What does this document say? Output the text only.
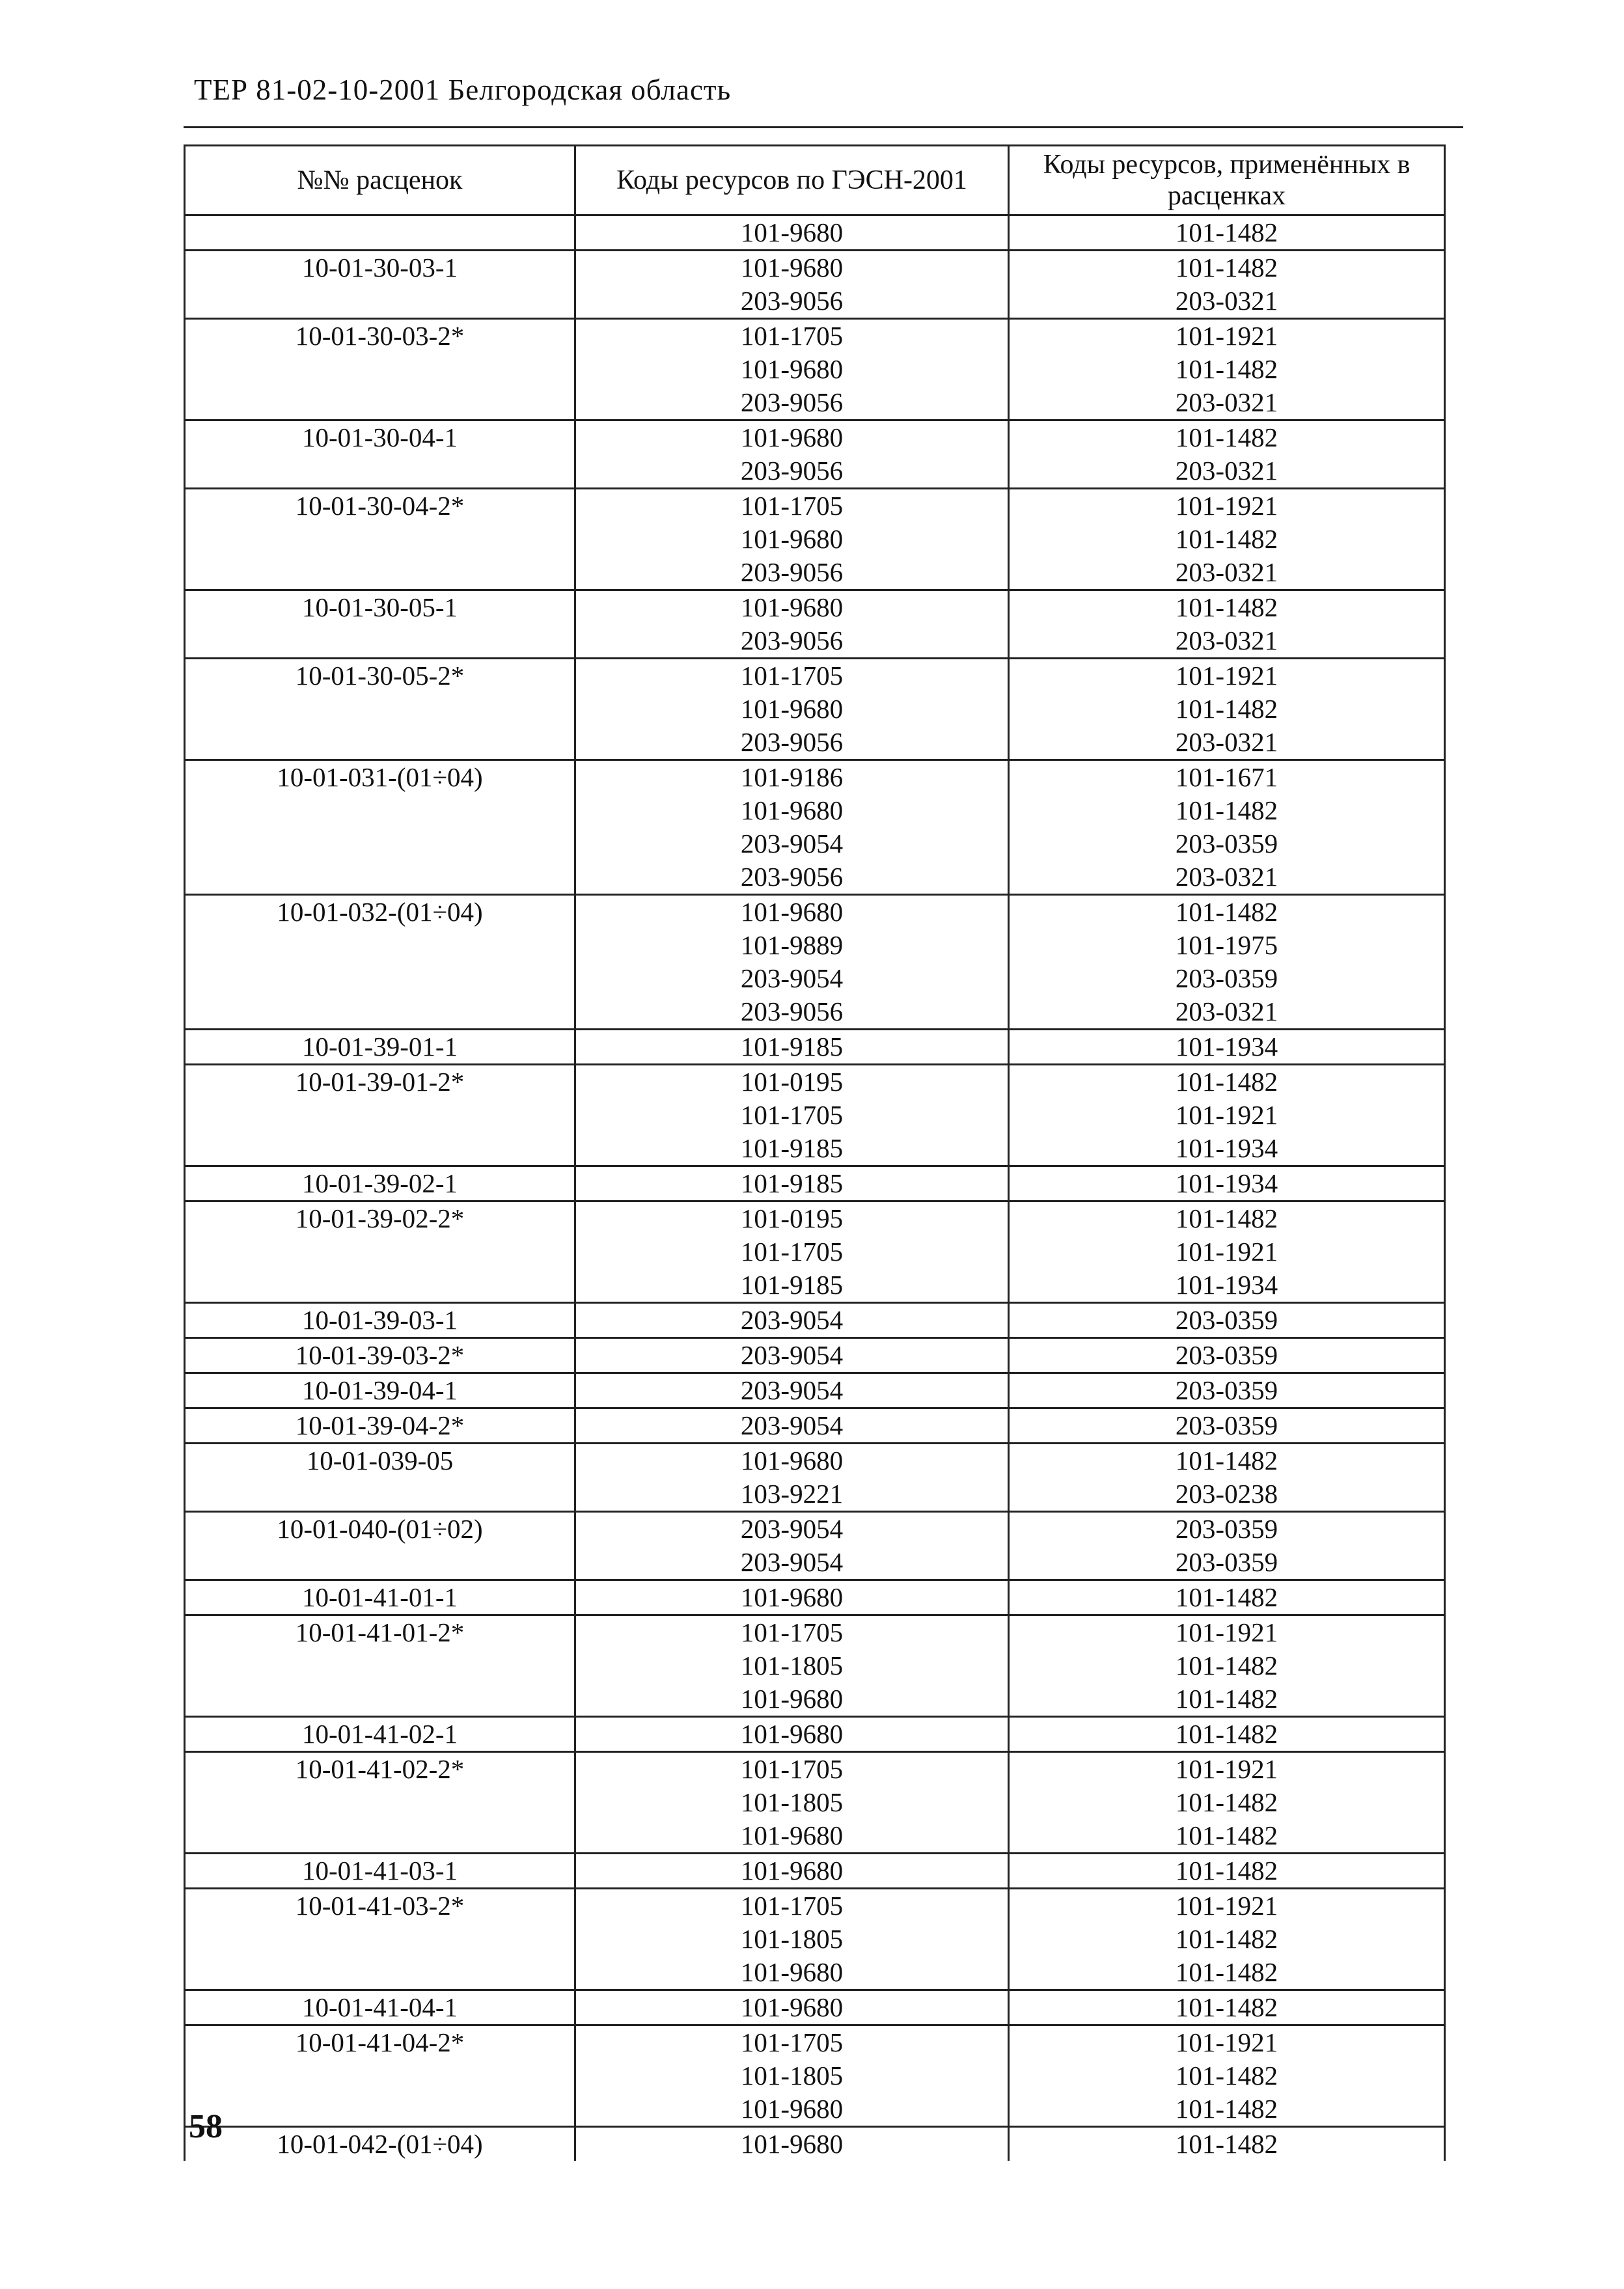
ТЕР 81-02-10-2001 Белгородская область
№№ расценок	Коды ресурсов по ГЭСН-2001	Коды ресурсов, применённых в расценках
	101-9680	101-1482
10-01-30-03-1	101-9680	101-1482
	203-9056	203-0321
10-01-30-03-2*	101-1705	101-1921
	101-9680	101-1482
	203-9056	203-0321
10-01-30-04-1	101-9680	101-1482
	203-9056	203-0321
10-01-30-04-2*	101-1705	101-1921
	101-9680	101-1482
	203-9056	203-0321
10-01-30-05-1	101-9680	101-1482
	203-9056	203-0321
10-01-30-05-2*	101-1705	101-1921
	101-9680	101-1482
	203-9056	203-0321
10-01-031-(01÷04)	101-9186	101-1671
	101-9680	101-1482
	203-9054	203-0359
	203-9056	203-0321
10-01-032-(01÷04)	101-9680	101-1482
	101-9889	101-1975
	203-9054	203-0359
	203-9056	203-0321
10-01-39-01-1	101-9185	101-1934
10-01-39-01-2*	101-0195	101-1482
	101-1705	101-1921
	101-9185	101-1934
10-01-39-02-1	101-9185	101-1934
10-01-39-02-2*	101-0195	101-1482
	101-1705	101-1921
	101-9185	101-1934
10-01-39-03-1	203-9054	203-0359
10-01-39-03-2*	203-9054	203-0359
10-01-39-04-1	203-9054	203-0359
10-01-39-04-2*	203-9054	203-0359
10-01-039-05	101-9680	101-1482
	103-9221	203-0238
10-01-040-(01÷02)	203-9054	203-0359
	203-9054	203-0359
10-01-41-01-1	101-9680	101-1482
10-01-41-01-2*	101-1705	101-1921
	101-1805	101-1482
	101-9680	101-1482
10-01-41-02-1	101-9680	101-1482
10-01-41-02-2*	101-1705	101-1921
	101-1805	101-1482
	101-9680	101-1482
10-01-41-03-1	101-9680	101-1482
10-01-41-03-2*	101-1705	101-1921
	101-1805	101-1482
	101-9680	101-1482
10-01-41-04-1	101-9680	101-1482
10-01-41-04-2*	101-1705	101-1921
	101-1805	101-1482
	101-9680	101-1482
10-01-042-(01÷04)	101-9680	101-1482
58
